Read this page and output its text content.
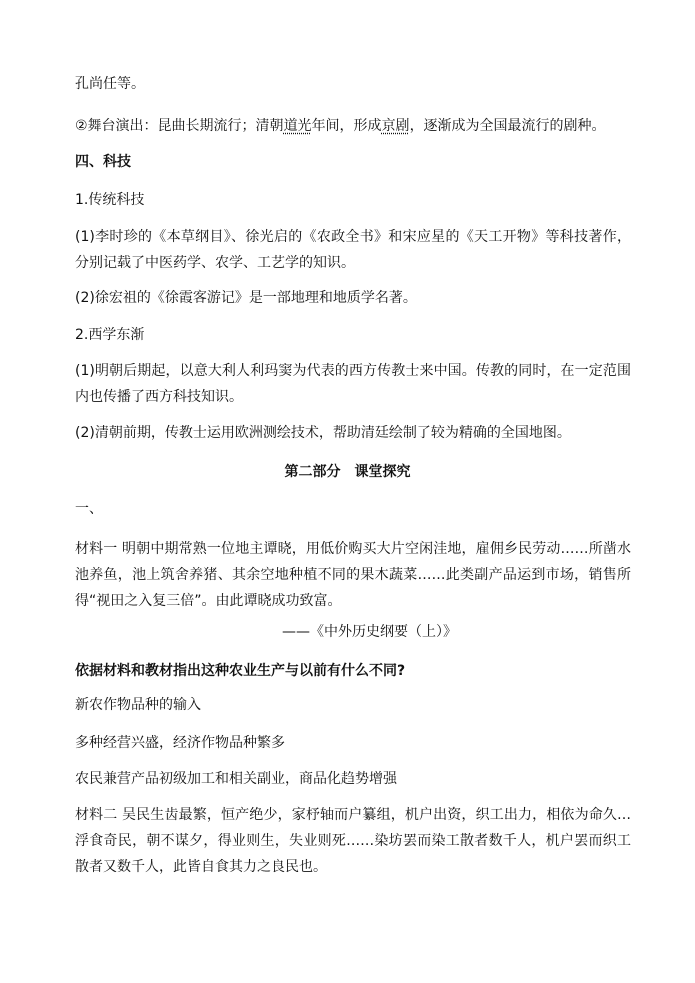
孔尚任等。
②舞台演出：昆曲长期流行；清朝道光年间，形成京剧，逐渐成为全国最流行的剧种。
四、科技
1.传统科技
(1)李时珍的《本草纲目》、徐光启的《农政全书》和宋应星的《天工开物》等科技著作，分别记载了中医药学、农学、工艺学的知识。
(2)徐宏祖的《徐霞客游记》是一部地理和地质学名著。
2.西学东渐
(1)明朝后期起，以意大利人利玛窦为代表的西方传教士来中国。传教的同时，在一定范围内也传播了西方科技知识。
(2)清朝前期，传教士运用欧洲测绘技术，帮助清廷绘制了较为精确的全国地图。
第二部分　课堂探究
一、
材料一 明朝中期常熟一位地主谭晓，用低价购买大片空闲洼地，雇佣乡民劳动……所凿水池养鱼，池上筑舍养猪、其余空地种植不同的果木蔬菜……此类副产品运到市场，销售所得“视田之入复三倍”。由此谭晓成功致富。
——《中外历史纲要（上）》
依据材料和教材指出这种农业生产与以前有什么不同?
新农作物品种的输入
多种经营兴盛，经济作物品种繁多
农民兼营产品初级加工和相关副业，商品化趋势增强
材料二 吴民生齿最繁，恒产绝少，家杼轴而户纂组，机户出资，织工出力，相依为命久…浮食奇民，朝不谋夕，得业则生，失业则死……染坊罢而染工散者数千人，机户罢而织工散者又数千人，此皆自食其力之良民也。
